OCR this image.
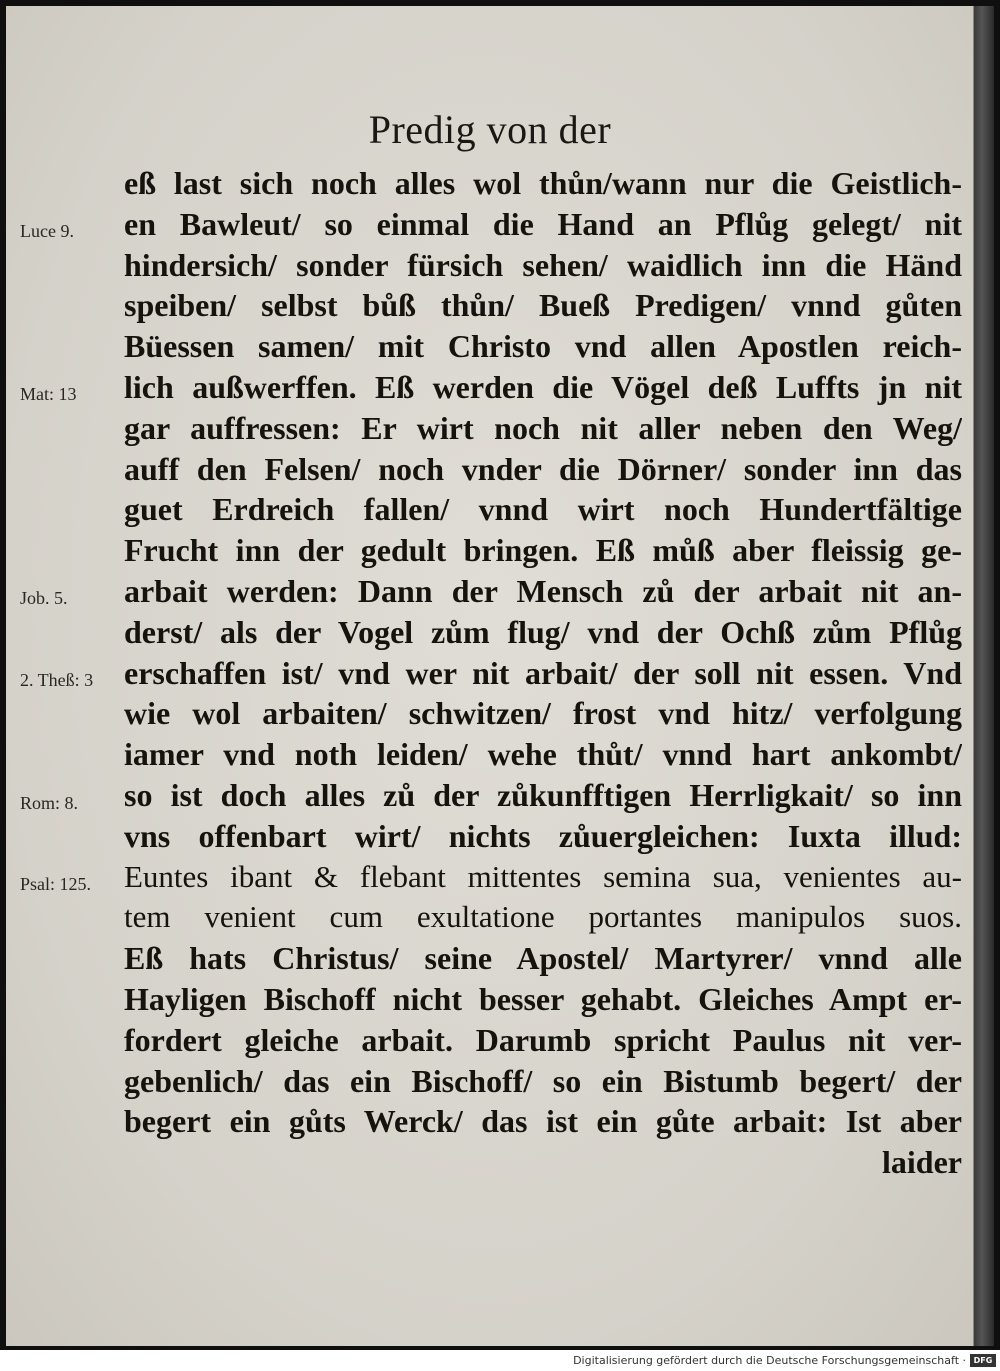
Predig von der
Luce 9.
Mat: 13
Job. 5.
2. Theß: 3
Rom: 8.
Psal: 125.
eß last sich noch alles wol thůn/wann nur die Geistlich-
en Bawleut/ so einmal die Hand an Pflůg gelegt/ nit
hindersich/ sonder fürsich sehen/ waidlich inn die Händ
speiben/ selbst bůß thůn/ Bueß Predigen/ vnnd gůten
Büessen samen/ mit Christo vnd allen Apostlen reich-
lich außwerffen. Eß werden die Vögel deß Luffts jn nit
gar auffressen: Er wirt noch nit aller neben den Weg/
auff den Felsen/ noch vnder die Dörner/ sonder inn das
guet Erdreich fallen/ vnnd wirt noch Hundertfältige
Frucht inn der gedult bringen. Eß můß aber fleissig ge-
arbait werden: Dann der Mensch zů der arbait nit an-
derst/ als der Vogel zům flug/ vnd der Ochß zům Pflůg
erschaffen ist/ vnd wer nit arbait/ der soll nit essen. Vnd
wie wol arbaiten/ schwitzen/ frost vnd hitz/ verfolgung
iamer vnd noth leiden/ wehe thůt/ vnnd hart ankombt/
so ist doch alles zů der zůkunfftigen Herrligkait/ so inn
vns offenbart wirt/ nichts zůuergleichen: Iuxta illud:
Euntes ibant & flebant mittentes semina sua, venientes au-
tem venient cum exultatione portantes manipulos suos.
Eß hats Christus/ seine Apostel/ Martyrer/ vnnd alle
Hayligen Bischoff nicht besser gehabt. Gleiches Ampt er-
fordert gleiche arbait. Darumb spricht Paulus nit ver-
gebenlich/ das ein Bischoff/ so ein Bistumb begert/ der
begert ein gůts Werck/ das ist ein gůte arbait: Ist aber
laider
Digitalisierung gefördert durch die Deutsche Forschungsgemeinschaft · DFG
